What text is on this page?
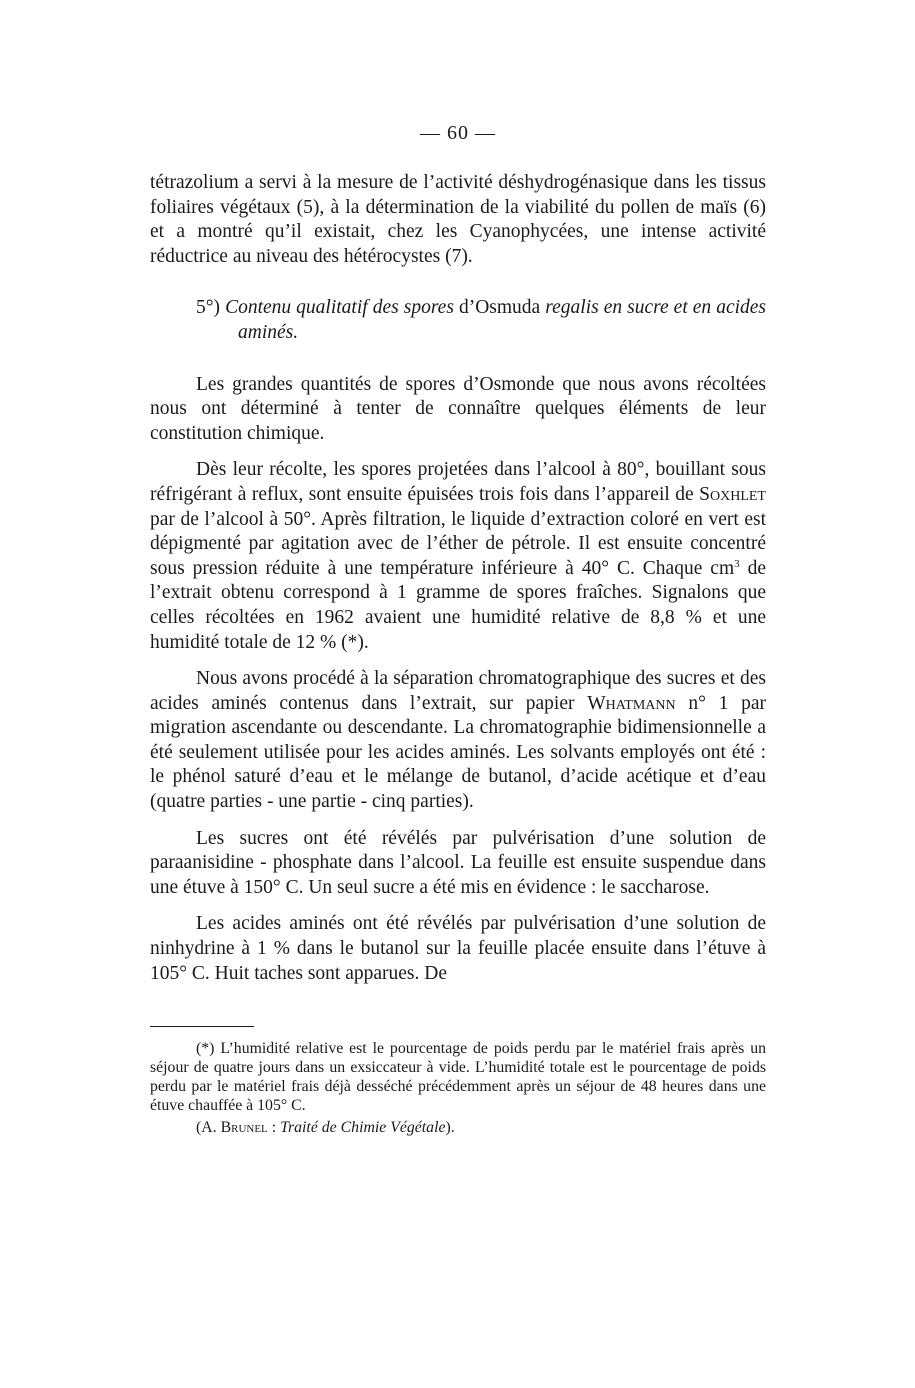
— 60 —

tétrazolium a servi à la mesure de l’activité déshydrogénasique dans les tissus foliaires végétaux (5), à la détermination de la viabilité du pollen de maïs (6) et a montré qu’il existait, chez les Cyanophycées, une intense activité réductrice au niveau des hétérocystes (7).

5°) Contenu qualitatif des spores d’Osmuda regalis en sucre et en acides aminés.

Les grandes quantités de spores d’Osmonde que nous avons récoltées nous ont déterminé à tenter de connaître quelques éléments de leur constitution chimique.

Dès leur récolte, les spores projetées dans l’alcool à 80°, bouillant sous réfrigérant à reflux, sont ensuite épuisées trois fois dans l’appareil de Soxhlet par de l’alcool à 50°. Après filtration, le liquide d’extraction coloré en vert est dépigmenté par agitation avec de l’éther de pétrole. Il est ensuite concentré sous pression réduite à une température inférieure à 40° C. Chaque $cm^3$ de l’extrait obtenu correspond à 1 gramme de spores fraîches. Signalons que celles récoltées en 1962 avaient une humidité relative de 8,8 % et une humidité totale de 12 % (*).

Nous avons procédé à la séparation chromatographique des sucres et des acides aminés contenus dans l’extrait, sur papier Whatmann n° 1 par migration ascendante ou descendante. La chromatographie bidimensionnelle a été seulement utilisée pour les acides aminés. Les solvants employés ont été : le phénol saturé d’eau et le mélange de butanol, d’acide acétique et d’eau (quatre parties - une partie - cinq parties).

Les sucres ont été révélés par pulvérisation d’une solution de paraanisidine - phosphate dans l’alcool. La feuille est ensuite suspendue dans une étuve à 150° C. Un seul sucre a été mis en évidence : le saccharose.

Les acides aminés ont été révélés par pulvérisation d’une solution de ninhydrine à 1 % dans le butanol sur la feuille placée ensuite dans l’étuve à 105° C. Huit taches sont apparues. De

(*) L’humidité relative est le pourcentage de poids perdu par le matériel frais après un séjour de quatre jours dans un exsiccateur à vide. L’humidité totale est le pourcentage de poids perdu par le matériel frais déjà desséché précédemment après un séjour de 48 heures dans une étuve chauffée à 105° C.

(A. Brunel : Traité de Chimie Végétale).
